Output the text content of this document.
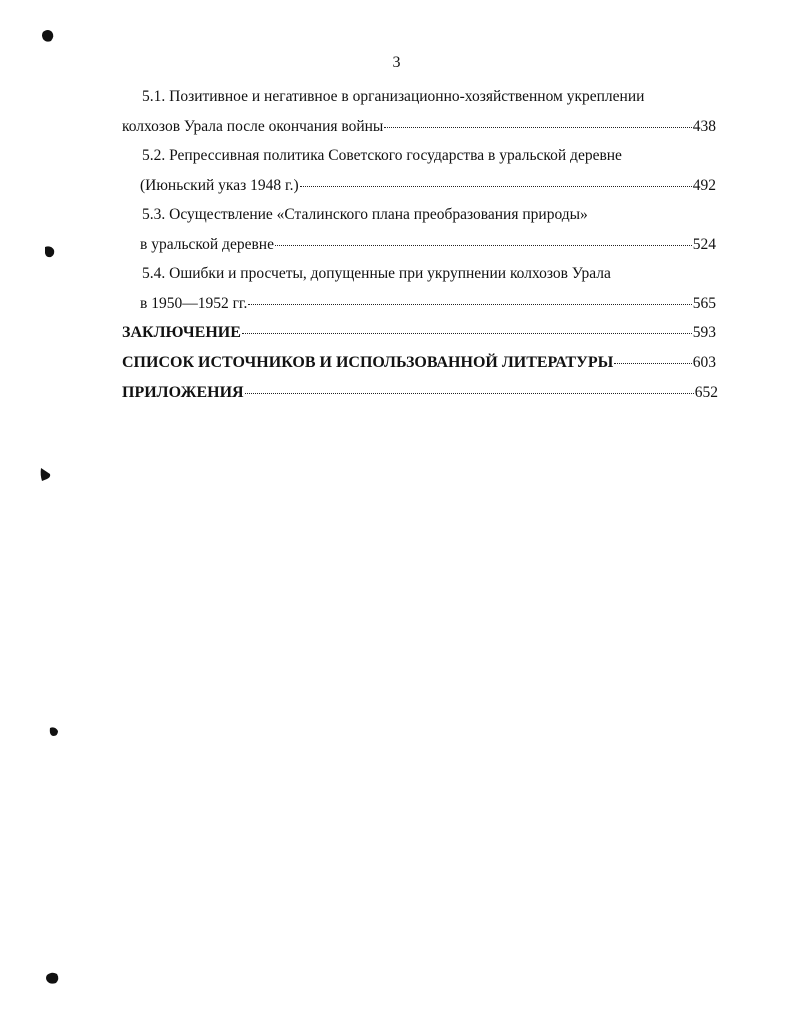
3
5.1. Позитивное и негативное в организационно-хозяйственном укреплении
колхозов Урала после окончания войны	438
5.2. Репрессивная политика Советского государства в уральской деревне
(Июньский указ 1948 г.)	492
5.3. Осуществление «Сталинского плана преобразования природы»
в уральской деревне	524
5.4. Ошибки и просчеты, допущенные при укрупнении колхозов Урала
в 1950—1952 гг.	565
ЗАКЛЮЧЕНИЕ	593
СПИСОК ИСТОЧНИКОВ И ИСПОЛЬЗОВАННОЙ ЛИТЕРАТУРЫ	603
ПРИЛОЖЕНИЯ	652
